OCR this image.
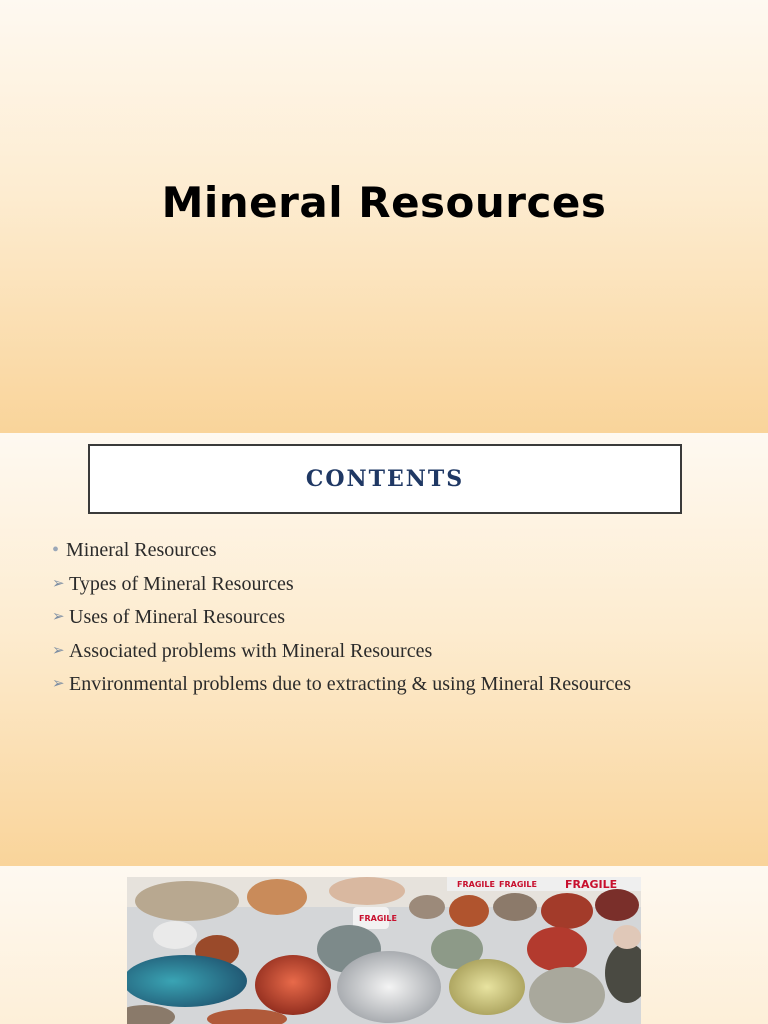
Mineral Resources
CONTENTS
• Mineral Resources
➢ Types of Mineral Resources
➢ Uses of Mineral Resources
➢ Associated problems with Mineral Resources
➢ Environmental problems due to extracting & using Mineral Resources
FRAGILE FRAGILE	FRAGILE
FRAGILE
